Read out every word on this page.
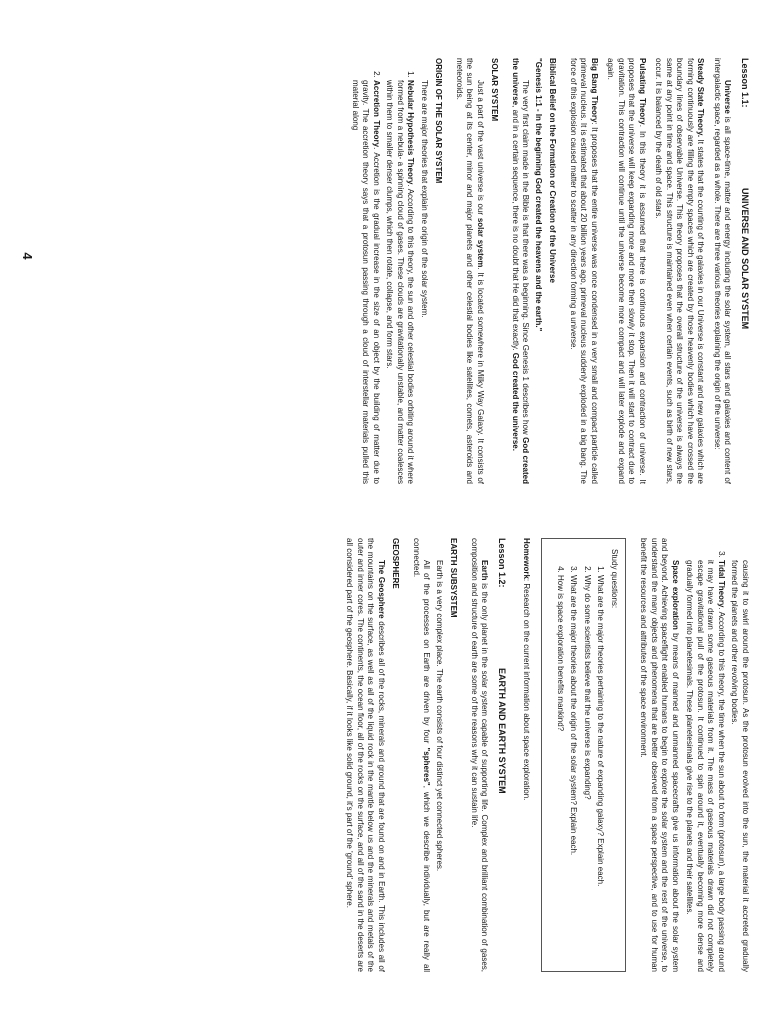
Lesson 1.1:
UNIVERSE AND SOLAR SYSTEM

Universe is all space-time, matter and energy including the solar system, all stars and galaxies and content of intergalactic space, regarded as a whole. There are three various theories explaining the origin of the universe:

Steady State Theory. It states that the counting of the galaxies in our Universe is constant and new galaxies which are forming continuously are filling the empty spaces which are created by those heavenly bodies which have crossed the boundary lines of observable Universe. This theory proposes that the overall structure of the universe is always the same at any point in time and space. This structure is maintained even when certain events, such as birth of new stars, occur. It is balanced by the death of old stars.

Pulsating Theory. In this theory it is assumed that there is continuous expansion and contraction of universe. It proposes that the universe will keep expanding more and more then slowly it stop. Then it will start to contract due to gravitation. This contraction will continue until the universe become more compact and will later explode and expand again.

Big Bang Theory: It proposes that the entire universe was once condensed in a very small and compact particle called primeval nucleus. It is estimated that about 20 billion years ago, primeval nucleus suddenly exploded in a big bang. The force of this explosion caused matter to scatter in any direction forming a universe.

Biblical Belief on the Formation or Creation of the Universe

"Genesis 1:1 - In the beginning God created the heavens and the earth."

The very first claim made in the Bible is that there was a beginning. Since Genesis 1 describes how God created the universe, and in a certain sequence, there is no doubt that He did that exactly. God created the universe.

SOLAR SYSTEM

Just a part of the vast universe is our solar system. It is located somewhere in Milky Way Galaxy. It consists of the sun being at its center, minor and major planets and other celestial bodies like satellites, comets, asteroids and meteoroids.

ORIGIN OF THE SOLAR SYSTEM

There are major theories that explain the origin of the solar system.

1. Nebular Hypothesis Theory. According to this theory, the sun and other celestial bodies orbiting around it where formed from a nebula- a spinning cloud of gases. These clouds are gravitationally unstable, and matter coalesces within them to smaller denser clumps, which then rotate, collapse, and form stars.
2. Accretion Theory. Accretion is the gradual increase in the size of an object by the building of matter due to gravity. The accretion theory says that a protosun passing through a cloud of interstellar materials pulled this material along
4
causing it to swirl around the protosun. As the protosun evolved into the sun, the material it accreted gradually formed the planets and other revolving bodies.
3. Tidal Theory. According to this theory, the time when the sun about to form (protosun), a large body passing around it may have drawn some gaseous materials from it. The mass of gaseous materials drawn did not completely escape gravitational pull of the protosun. It continued to spin around it, eventually becoming more dense and gradually formed into planetesimals. These planetesimals give rise to the planets and their satellites.

Space exploration by means of manned and unmanned spacecrafts give us information about the solar system and beyond. Achieving spaceflight enabled humans to begin to explore the solar system and the rest of the universe, to understand the many objects and phenomena that are better observed from a space perspective, and to use for human benefit the resources and attributes of the space environment.

Study questions:
1. What are the major theories pertaining to the nature of expanding galaxy? Explain each.
2. Why do some scientists believe that the universe is expanding?
3. What are the major theories about the origin of the solar system? Explain each.
4. How is space exploration benefits mankind?

Homework: Research on the current information about space exploration.

Lesson 1.2:
EARTH AND EARTH SYSTEM

Earth is the only planet in the solar system capable of supporting life. Complex and brilliant combination of gases, composition and structure of earth are some of the reasons why it can sustain life.

EARTH SUBSYSTEM

Earth is a very complex place. The earth consists of four distinct yet connected spheres.

All of the processes on Earth are driven by four "spheres", which we describe individually, but are really all connected.

GEOSPHERE

The Geosphere describes all of the rocks, minerals and ground that are found on and in Earth. This includes all of the mountains on the surface, as well as all of the liquid rock in the mantle below us and the minerals and metals of the outer and inner cores. The continents, the ocean floor, all of the rocks on the surface, and all of the sand in the deserts are all considered part of the geosphere. Basically, if it looks like solid ground, it's part of the 'ground' sphere.
